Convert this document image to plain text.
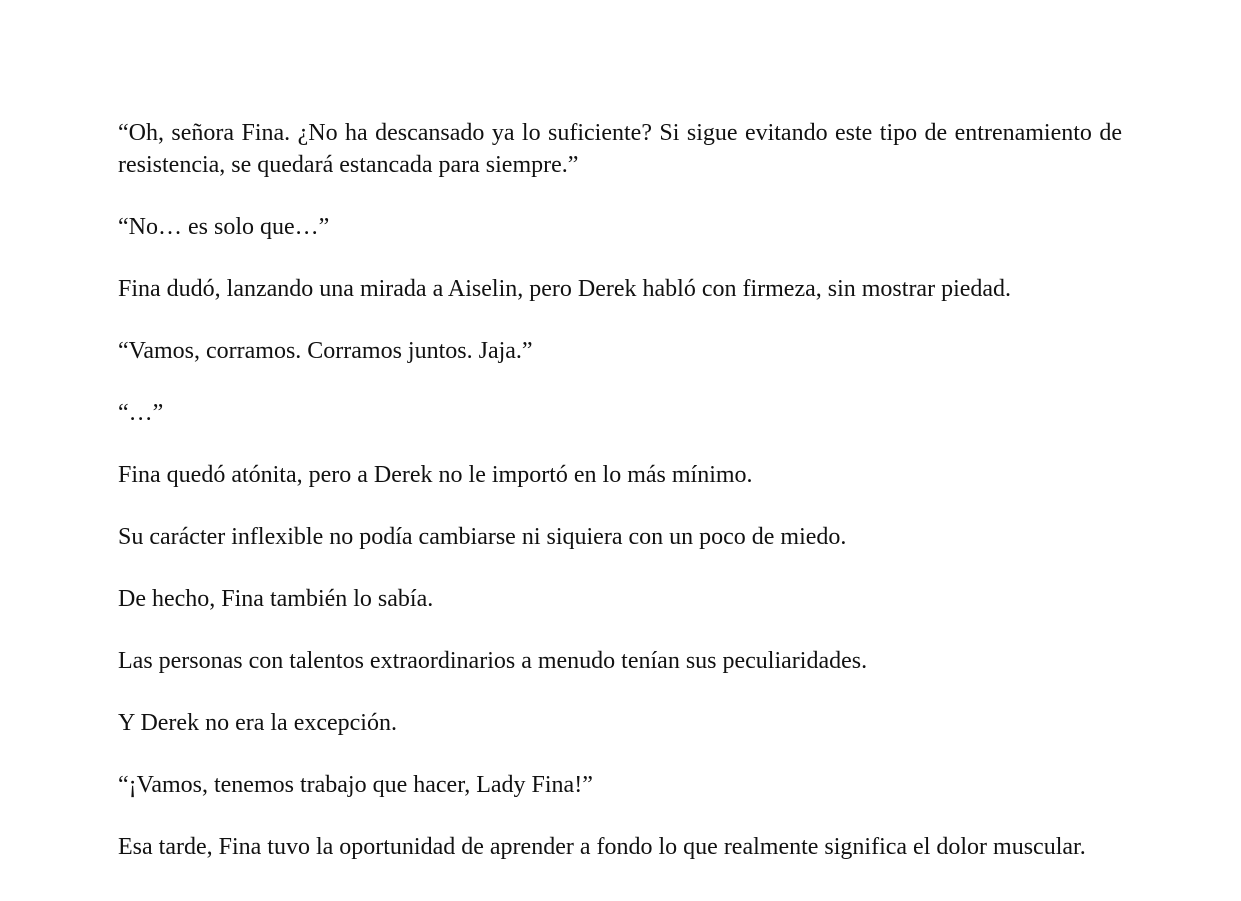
“Oh, señora Fina. ¿No ha descansado ya lo suficiente? Si sigue evitando este tipo de entrenamiento de resistencia, se quedará estancada para siempre.”

“No… es solo que…”

Fina dudó, lanzando una mirada a Aiselin, pero Derek habló con firmeza, sin mostrar piedad.

“Vamos, corramos. Corramos juntos. Jaja.”

“…”

Fina quedó atónita, pero a Derek no le importó en lo más mínimo.

Su carácter inflexible no podía cambiarse ni siquiera con un poco de miedo.

De hecho, Fina también lo sabía.

Las personas con talentos extraordinarios a menudo tenían sus peculiaridades.

Y Derek no era la excepción.

“¡Vamos, tenemos trabajo que hacer, Lady Fina!”

Esa tarde, Fina tuvo la oportunidad de aprender a fondo lo que realmente significa el dolor muscular.
